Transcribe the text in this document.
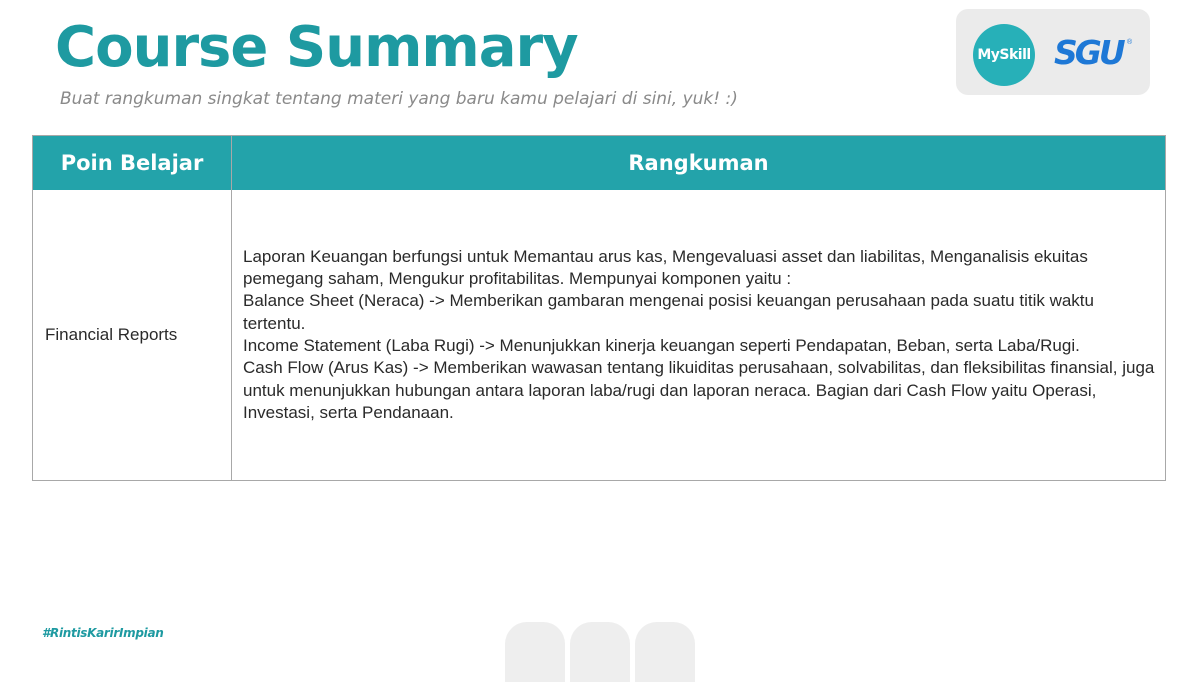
Course Summary
Buat rangkuman singkat tentang materi yang baru kamu pelajari di sini, yuk! :)
MySkill SGU ®
Poin Belajar	Rangkuman
Financial Reports

Laporan Keuangan berfungsi untuk Memantau arus kas, Mengevaluasi asset dan liabilitas, Menganalisis ekuitas pemegang saham, Mengukur profitabilitas. Mempunyai komponen yaitu :

Balance Sheet (Neraca) -> Memberikan gambaran mengenai posisi keuangan perusahaan pada suatu titik waktu tertentu.

Income Statement (Laba Rugi) -> Menunjukkan kinerja keuangan seperti Pendapatan, Beban, serta Laba/Rugi.

Cash Flow (Arus Kas) -> Memberikan wawasan tentang likuiditas perusahaan, solvabilitas, dan fleksibilitas finansial, juga untuk menunjukkan hubungan antara laporan laba/rugi dan laporan neraca. Bagian dari Cash Flow yaitu Operasi, Investasi, serta Pendanaan.

#RintisKarirImpian
